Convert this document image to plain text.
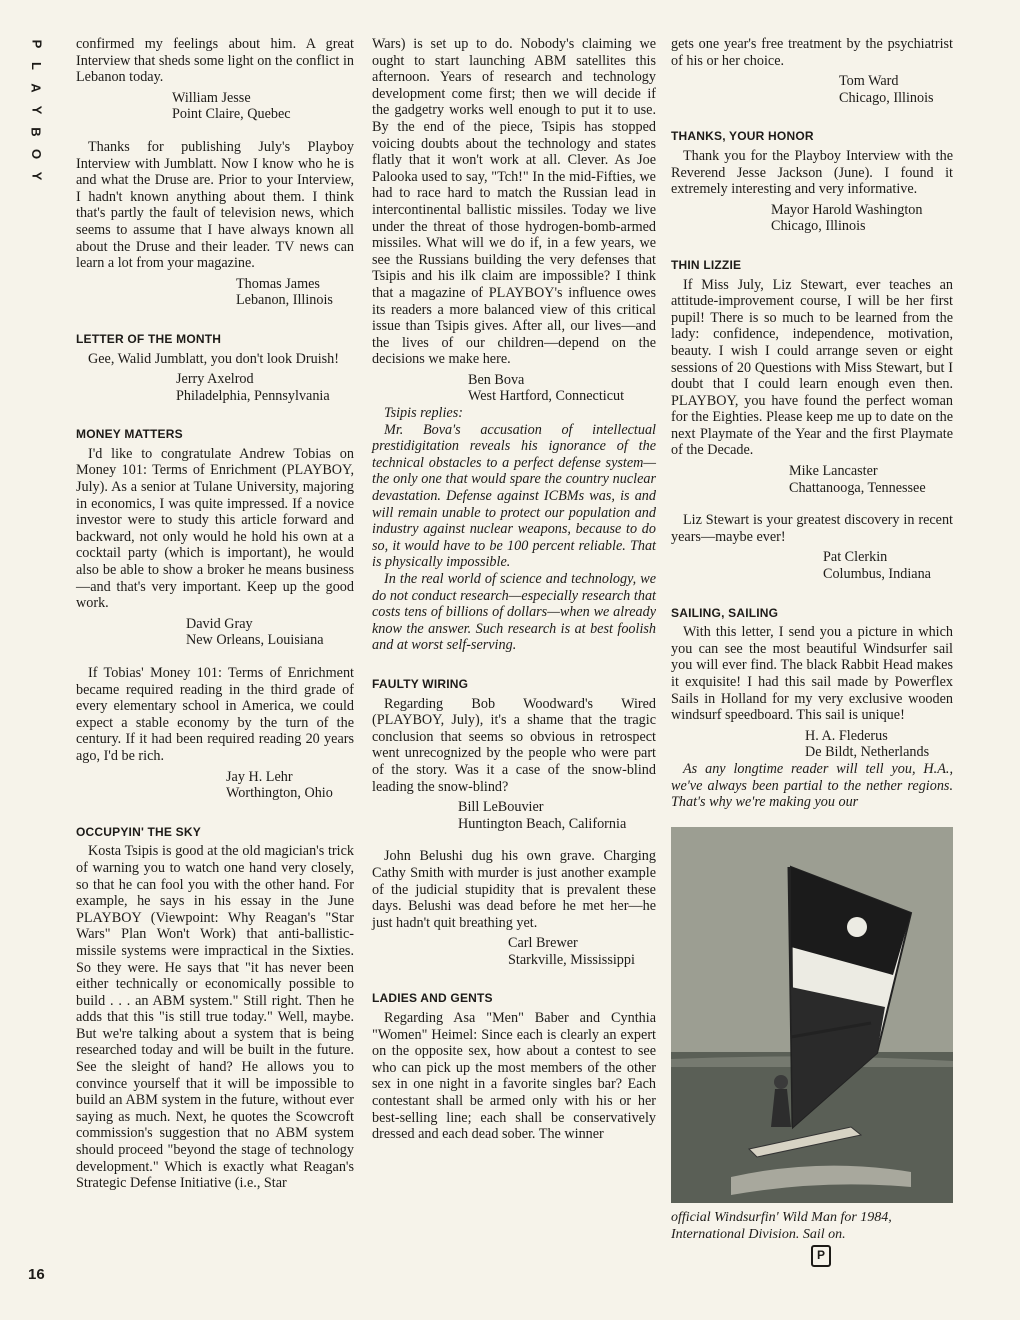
P
L
A
Y
B
O
Y
16

confirmed my feelings about him. A great Interview that sheds some light on the conflict in Lebanon today.

William Jesse
Point Claire, Quebec

Thanks for publishing July's Playboy Interview with Jumblatt. Now I know who he is and what the Druse are. Prior to your Interview, I hadn't known anything about them. I think that's partly the fault of television news, which seems to assume that I have always known all about the Druse and their leader. TV news can learn a lot from your magazine.

Thomas James
Lebanon, Illinois
LETTER OF THE MONTH

Gee, Walid Jumblatt, you don't look Druish!

Jerry Axelrod
Philadelphia, Pennsylvania
MONEY MATTERS

I'd like to congratulate Andrew Tobias on Money 101: Terms of Enrichment (PLAYBOY, July). As a senior at Tulane University, majoring in economics, I was quite impressed. If a novice investor were to study this article forward and backward, not only would he hold his own at a cocktail party (which is important), he would also be able to show a broker he means business—and that's very important. Keep up the good work.

David Gray
New Orleans, Louisiana

If Tobias' Money 101: Terms of Enrichment became required reading in the third grade of every elementary school in America, we could expect a stable economy by the turn of the century. If it had been required reading 20 years ago, I'd be rich.

Jay H. Lehr
Worthington, Ohio
OCCUPYIN' THE SKY

Kosta Tsipis is good at the old magician's trick of warning you to watch one hand very closely, so that he can fool you with the other hand. For example, he says in his essay in the June PLAYBOY (Viewpoint: Why Reagan's "Star Wars" Plan Won't Work) that anti-ballistic-missile systems were impractical in the Sixties. So they were. He says that "it has never been either technically or economically possible to build . . . an ABM system." Still right. Then he adds that this "is still true today." Well, maybe. But we're talking about a system that is being researched today and will be built in the future. See the sleight of hand? He allows you to convince yourself that it will be impossible to build an ABM system in the future, without ever saying as much. Next, he quotes the Scowcroft commission's suggestion that no ABM system should proceed "beyond the stage of technology development." Which is exactly what Reagan's Strategic Defense Initiative (i.e., Star

Wars) is set up to do. Nobody's claiming we ought to start launching ABM satellites this afternoon. Years of research and technology development come first; then we will decide if the gadgetry works well enough to put it to use. By the end of the piece, Tsipis has stopped voicing doubts about the technology and states flatly that it won't work at all. Clever. As Joe Palooka used to say, "Tch!" In the mid-Fifties, we had to race hard to match the Russian lead in intercontinental ballistic missiles. Today we live under the threat of those hydrogen-bomb-armed missiles. What will we do if, in a few years, we see the Russians building the very defenses that Tsipis and his ilk claim are impossible? I think that a magazine of PLAYBOY's influence owes its readers a more balanced view of this critical issue than Tsipis gives. After all, our lives—and the lives of our children—depend on the decisions we make here.

Ben Bova
West Hartford, Connecticut

Tsipis replies:

Mr. Bova's accusation of intellectual prestidigitation reveals his ignorance of the technical obstacles to a perfect defense system—the only one that would spare the country nuclear devastation. Defense against ICBMs was, is and will remain unable to protect our population and industry against nuclear weapons, because to do so, it would have to be 100 percent reliable. That is physically impossible.

In the real world of science and technology, we do not conduct research—especially research that costs tens of billions of dollars—when we already know the answer. Such research is at best foolish and at worst self-serving.

FAULTY WIRING

Regarding Bob Woodward's Wired (PLAYBOY, July), it's a shame that the tragic conclusion that seems so obvious in retrospect went unrecognized by the people who were part of the story. Was it a case of the snow-blind leading the snow-blind?

Bill LeBouvier
Huntington Beach, California

John Belushi dug his own grave. Charging Cathy Smith with murder is just another example of the judicial stupidity that is prevalent these days. Belushi was dead before he met her—he just hadn't quit breathing yet.

Carl Brewer
Starkville, Mississippi
LADIES AND GENTS

Regarding Asa "Men" Baber and Cynthia "Women" Heimel: Since each is clearly an expert on the opposite sex, how about a contest to see who can pick up the most members of the other sex in one night in a favorite singles bar? Each contestant shall be armed only with his or her best-selling line; each shall be conservatively dressed and each dead sober. The winner

gets one year's free treatment by the psychiatrist of his or her choice.

Tom Ward
Chicago, Illinois
THANKS, YOUR HONOR

Thank you for the Playboy Interview with the Reverend Jesse Jackson (June). I found it extremely interesting and very informative.

Mayor Harold Washington
Chicago, Illinois
THIN LIZZIE

If Miss July, Liz Stewart, ever teaches an attitude-improvement course, I will be her first pupil! There is so much to be learned from the lady: confidence, independence, motivation, beauty. I wish I could arrange seven or eight sessions of 20 Questions with Miss Stewart, but I doubt that I could learn enough even then. PLAYBOY, you have found the perfect woman for the Eighties. Please keep me up to date on the next Playmate of the Year and the first Playmate of the Decade.

Mike Lancaster
Chattanooga, Tennessee

Liz Stewart is your greatest discovery in recent years—maybe ever!

Pat Clerkin
Columbus, Indiana
SAILING, SAILING

With this letter, I send you a picture in which you can see the most beautiful Windsurfer sail you will ever find. The black Rabbit Head makes it exquisite! I had this sail made by Powerflex Sails in Holland for my very exclusive wooden windsurf speedboard. This sail is unique!

H. A. Flederus
De Bildt, Netherlands

As any longtime reader will tell you, H.A., we've always been partial to the nether regions. That's why we're making you our

official Windsurfin' Wild Man for 1984, International Division. Sail on.
P
